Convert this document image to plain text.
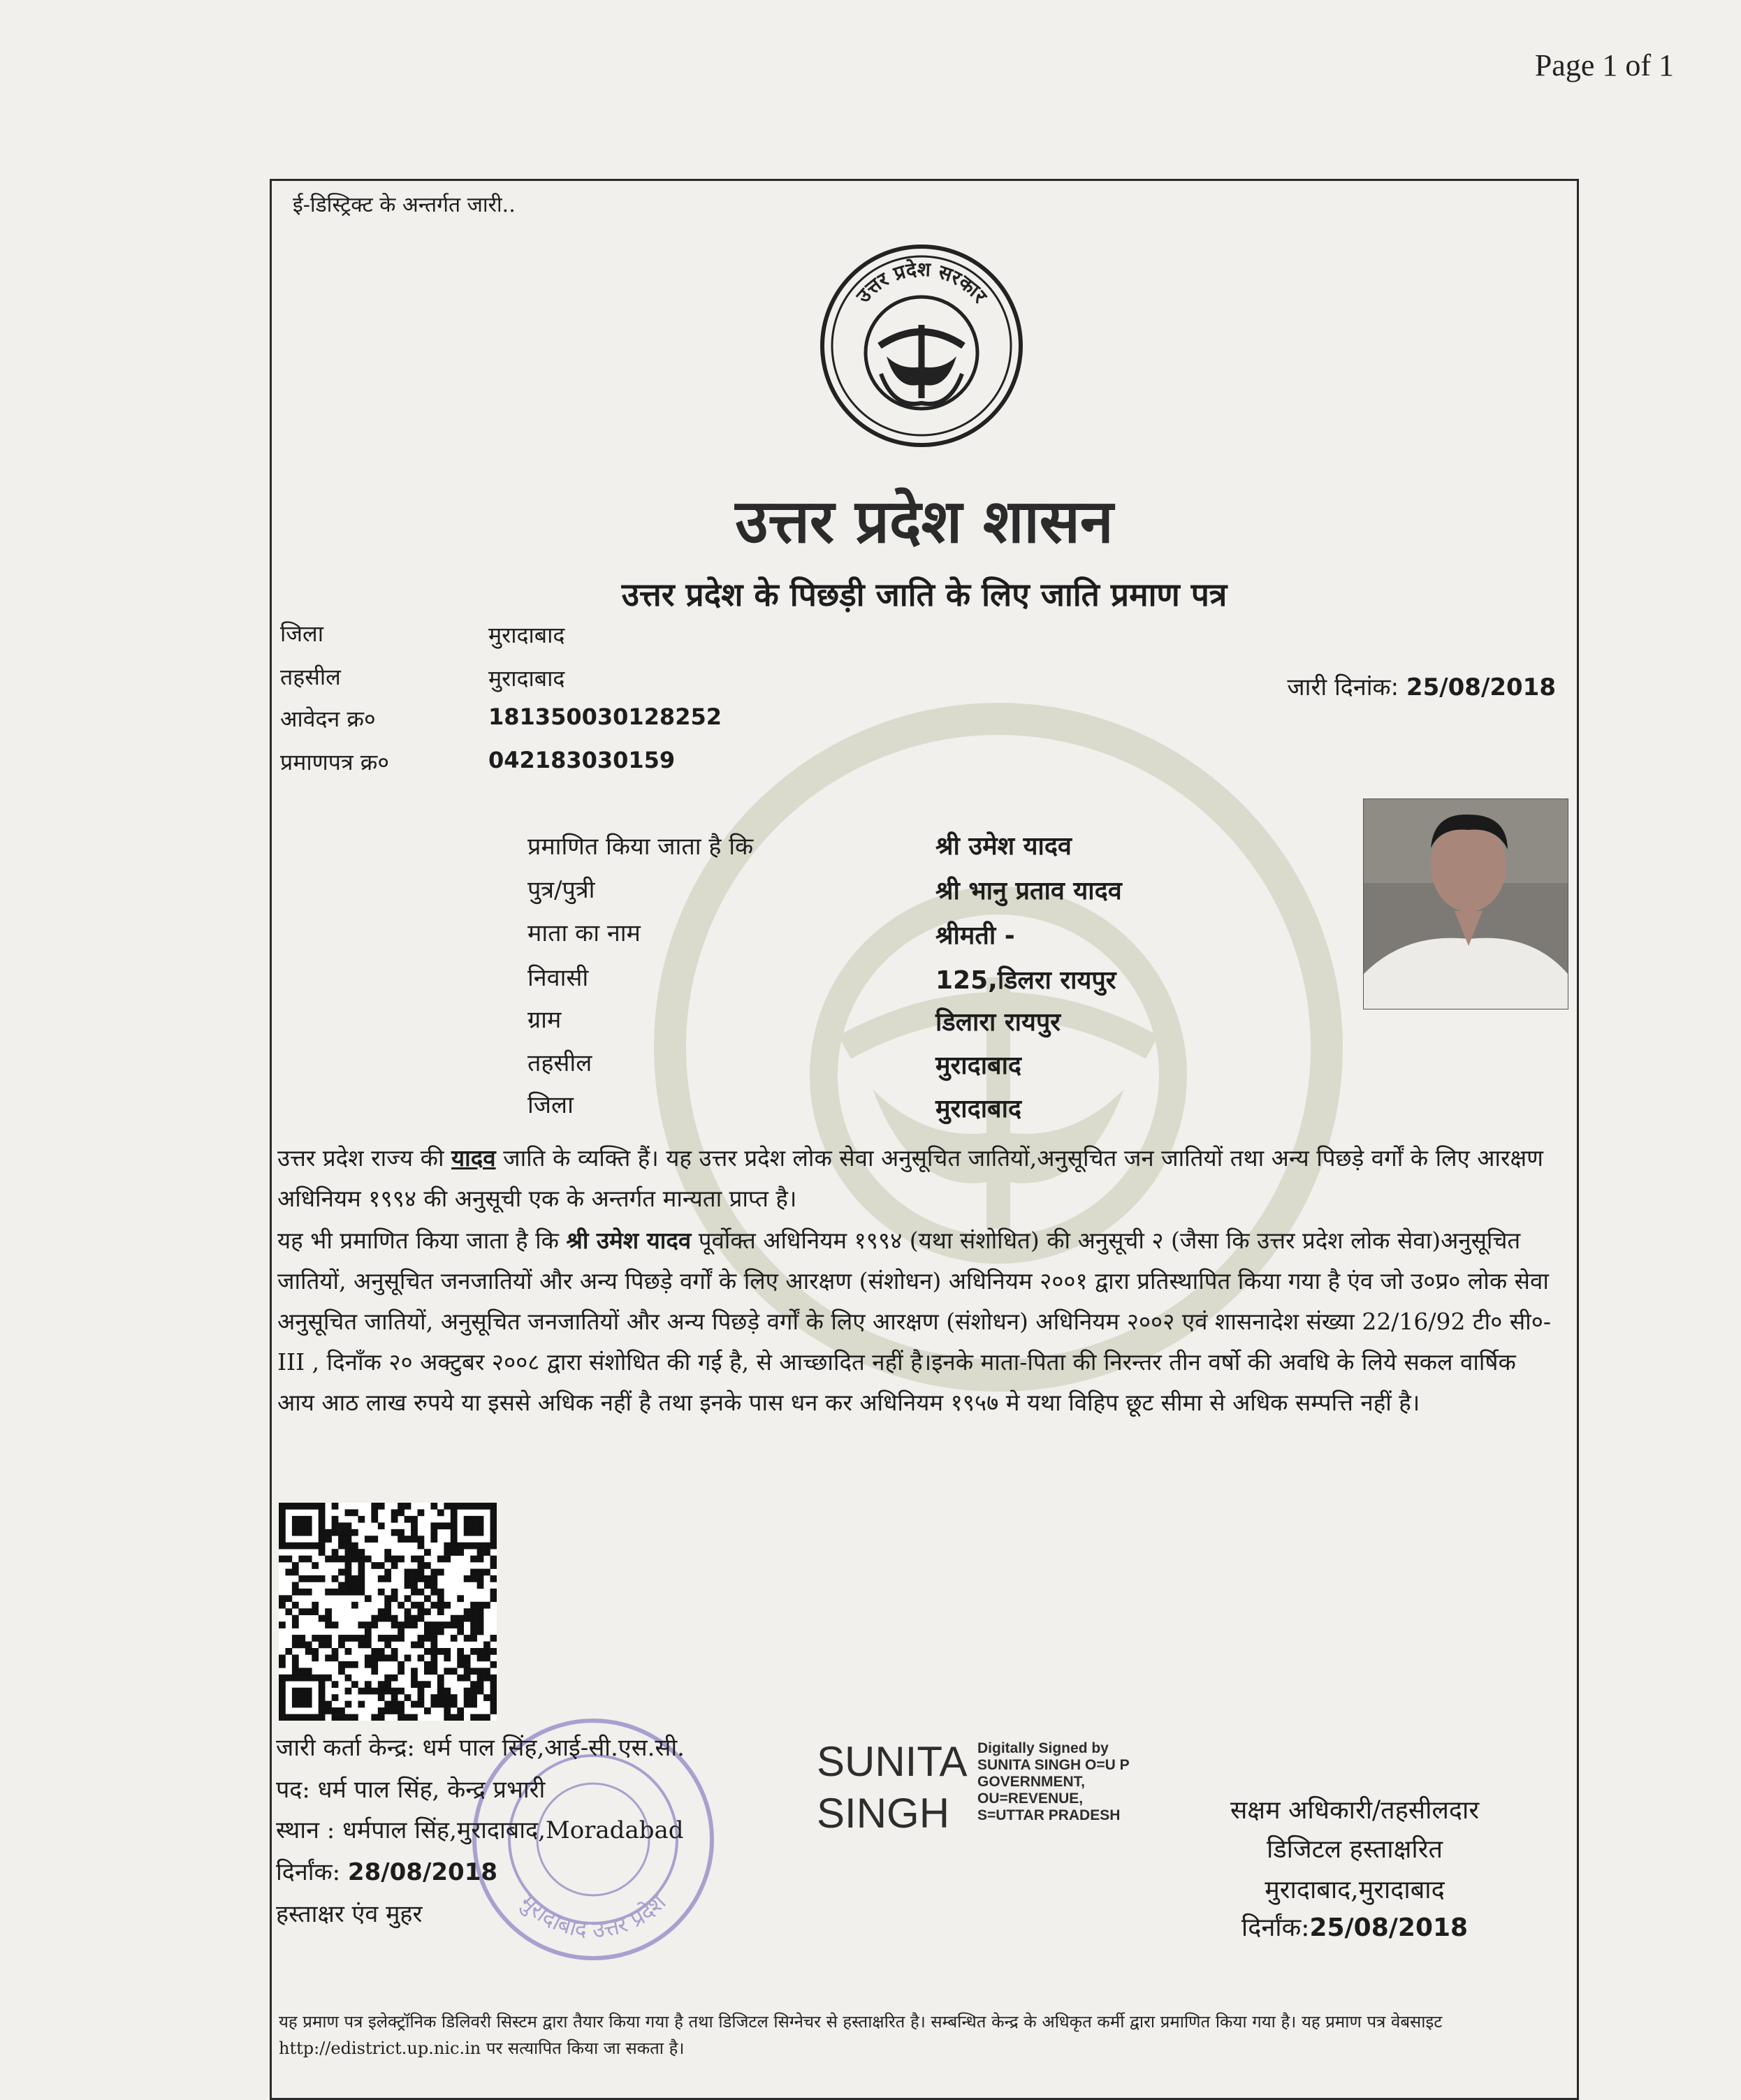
Page 1 of 1
ई-डिस्ट्रिक्ट के अन्तर्गत जारी..
उत्तर प्रदेश सरकार
उत्तर प्रदेश शासन
उत्तर प्रदेश के पिछड़ी जाति के लिए जाति प्रमाण पत्र
जिला	मुरादाबाद
तहसील	मुरादाबाद
आवेदन क्र०	181350030128252
प्रमाणपत्र क्र०	042183030159
जारी दिनांक: 25/08/2018
प्रमाणित किया जाता है कि	श्री उमेश यादव
पुत्र/पुत्री	श्री भानु प्रताव यादव
माता का नाम	श्रीमती -
निवासी	125,डिलरा रायपुर
ग्राम	डिलारा रायपुर
तहसील	मुरादाबाद
जिला	मुरादाबाद
उत्तर प्रदेश राज्य की यादव जाति के व्यक्ति हैं। यह उत्तर प्रदेश लोक सेवा अनुसूचित जातियों,अनुसूचित जन जातियों तथा अन्य पिछड़े वर्गों के लिए आरक्षण अधिनियम १९९४ की अनुसूची एक के अन्तर्गत मान्यता प्राप्त है।
यह भी प्रमाणित किया जाता है कि श्री उमेश यादव पूर्वोक्त अधिनियम १९९४ (यथा संशोधित) की अनुसूची २ (जैसा कि उत्तर प्रदेश लोक सेवा)अनुसूचित जातियों, अनुसूचित जनजातियों और अन्य पिछड़े वर्गों के लिए आरक्षण (संशोधन) अधिनियम २००१ द्वारा प्रतिस्थापित किया गया है एंव जो उ०प्र० लोक सेवा अनुसूचित जातियों, अनुसूचित जनजातियों और अन्य पिछड़े वर्गों के लिए आरक्षण (संशोधन) अधिनियम २००२ एवं शासनादेश संख्या 22/16/92 टी० सी०-III , दिनाँक २० अक्टुबर २००८ द्वारा संशोधित की गई है, से आच्छादित नहीं है।इनके माता-पिता की निरन्तर तीन वर्षो की अवधि के लिये सकल वार्षिक आय आठ लाख रुपये या इससे अधिक नहीं है तथा इनके पास धन कर अधिनियम १९५७ मे यथा विहिप छूट सीमा से अधिक सम्पत्ति नहीं है।
मुरादाबाद उत्तर प्रदेश
जारी कर्ता केन्द्र: धर्म पाल सिंह,आई-सी.एस.सी.
पद: धर्म पाल सिंह, केन्द्र प्रभारी
स्थान : धर्मपाल सिंह,मुरादाबाद,Moradabad
दिर्नांक: 28/08/2018
हस्ताक्षर एंव मुहर
SUNITA
SINGH
Digitally Signed by
SUNITA SINGH O=U P
GOVERNMENT,
OU=REVENUE,
S=UTTAR PRADESH	सक्षम अधिकारी/तहसीलदार
डिजिटल हस्ताक्षरित
मुरादाबाद,मुरादाबाद
दिर्नांक:25/08/2018
यह प्रमाण पत्र इलेक्ट्रॉनिक डिलिवरी सिस्टम द्वारा तैयार किया गया है तथा डिजिटल सिग्नेचर से हस्ताक्षरित है। सम्बन्धित केन्द्र के अधिकृत कर्मी द्वारा प्रमाणित किया गया है। यह प्रमाण पत्र वेबसाइट http://edistrict.up.nic.in पर सत्यापित किया जा सकता है।
